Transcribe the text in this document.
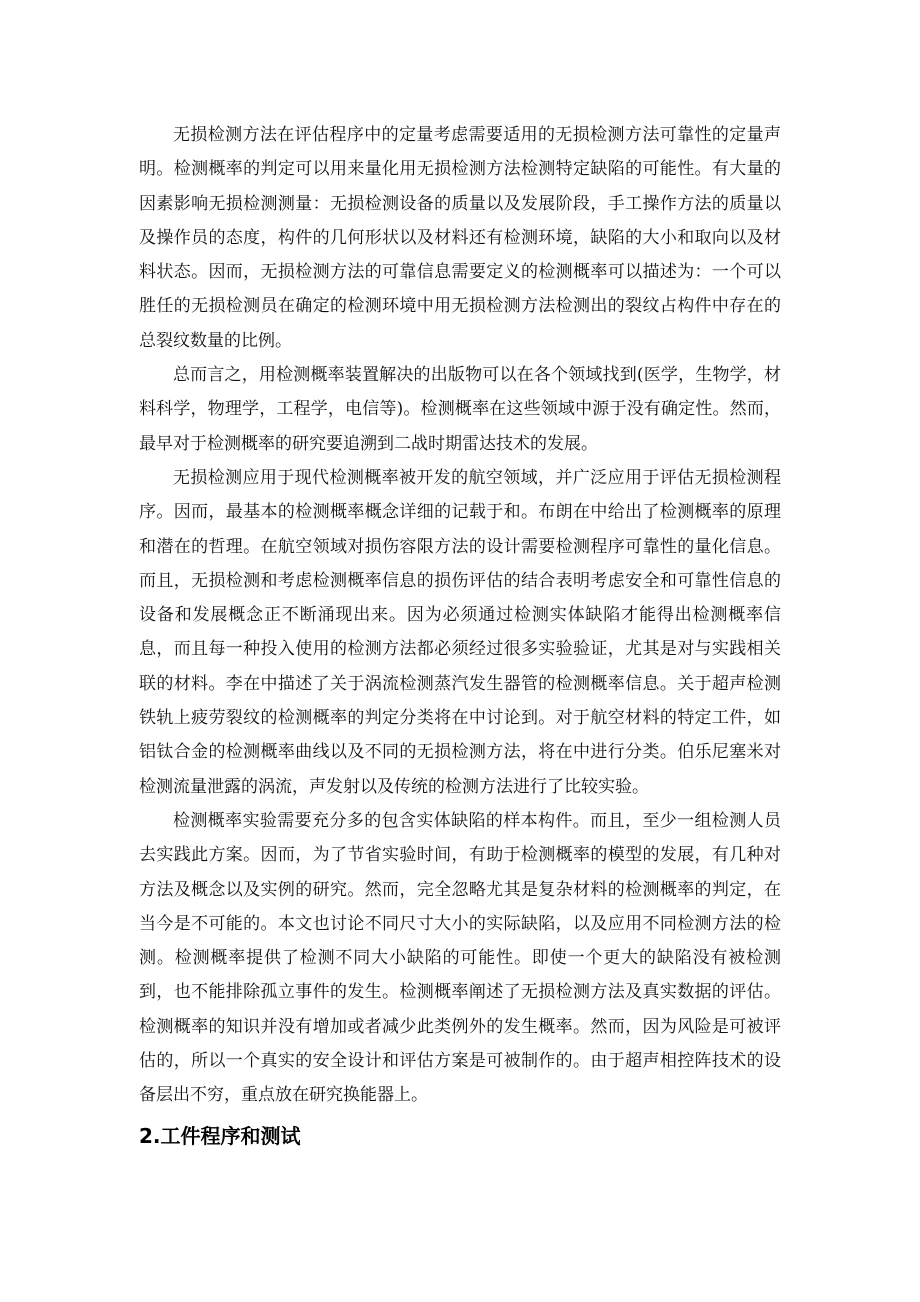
无损检测方法在评估程序中的定量考虑需要适用的无损检测方法可靠性的定量声明。检测概率的判定可以用来量化用无损检测方法检测特定缺陷的可能性。有大量的因素影响无损检测测量：无损检测设备的质量以及发展阶段，手工操作方法的质量以及操作员的态度，构件的几何形状以及材料还有检测环境，缺陷的大小和取向以及材料状态。因而，无损检测方法的可靠信息需要定义的检测概率可以描述为：一个可以胜任的无损检测员在确定的检测环境中用无损检测方法检测出的裂纹占构件中存在的总裂纹数量的比例。

总而言之，用检测概率装置解决的出版物可以在各个领域找到(医学，生物学，材料科学，物理学，工程学，电信等)。检测概率在这些领域中源于没有确定性。然而，最早对于检测概率的研究要追溯到二战时期雷达技术的发展。

无损检测应用于现代检测概率被开发的航空领域，并广泛应用于评估无损检测程序。因而，最基本的检测概率概念详细的记载于和。布朗在中给出了检测概率的原理和潜在的哲理。在航空领域对损伤容限方法的设计需要检测程序可靠性的量化信息。而且，无损检测和考虑检测概率信息的损伤评估的结合表明考虑安全和可靠性信息的设备和发展概念正不断涌现出来。因为必须通过检测实体缺陷才能得出检测概率信息，而且每一种投入使用的检测方法都必须经过很多实验验证，尤其是对与实践相关联的材料。李在中描述了关于涡流检测蒸汽发生器管的检测概率信息。关于超声检测铁轨上疲劳裂纹的检测概率的判定分类将在中讨论到。对于航空材料的特定工件，如铝钛合金的检测概率曲线以及不同的无损检测方法，将在中进行分类。伯乐尼塞米对检测流量泄露的涡流，声发射以及传统的检测方法进行了比较实验。

检测概率实验需要充分多的包含实体缺陷的样本构件。而且，至少一组检测人员去实践此方案。因而，为了节省实验时间，有助于检测概率的模型的发展，有几种对方法及概念以及实例的研究。然而，完全忽略尤其是复杂材料的检测概率的判定，在当今是不可能的。本文也讨论不同尺寸大小的实际缺陷，以及应用不同检测方法的检测。检测概率提供了检测不同大小缺陷的可能性。即使一个更大的缺陷没有被检测到，也不能排除孤立事件的发生。检测概率阐述了无损检测方法及真实数据的评估。检测概率的知识并没有增加或者减少此类例外的发生概率。然而，因为风险是可被评估的，所以一个真实的安全设计和评估方案是可被制作的。由于超声相控阵技术的设备层出不穷，重点放在研究换能器上。

2.工件程序和测试
